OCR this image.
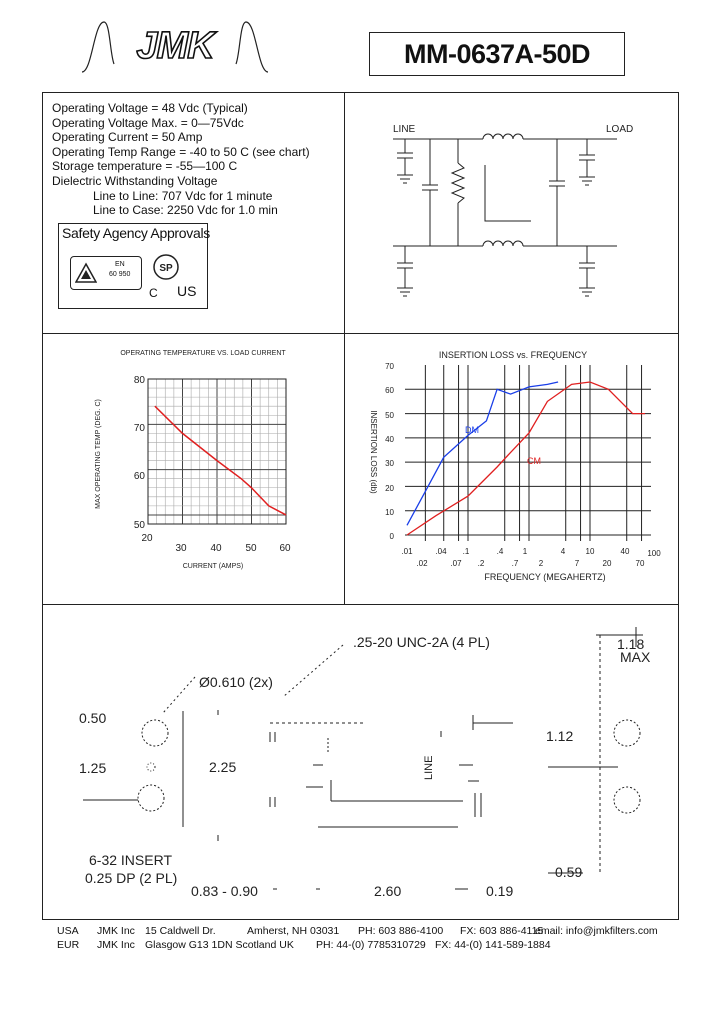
JMK	MM-0637A-50D
Operating Voltage = 48 Vdc (Typical)
Operating Voltage Max. = 0—75Vdc
Operating Current = 50 Amp
Operating Temp Range = -40 to 50 C (see chart)
Storage temperature = -55—100 C
Dielectric Withstanding Voltage
Line to Line: 707 Vdc for 1 minute
Line to Case: 2250 Vdc for 1.0 min
Safety Agency Approvals
EN
60 950
SP
C US
LINE	LOAD
OPERATING TEMPERATURE VS. LOAD CURRENT
20
30 40 50 60
80
70
60
50
CURRENT (AMPS)
MAX OPERATING TEMP (DEG. C)
INSERTION LOSS vs. FREQUENCY
DM
CM
70
60
50
40
30
20
10
0
.01	.04 .1	.4 1	4	10	40 100
.02	.07 .2	.7	2	7	20	70
FREQUENCY (MEGAHERTZ)
INSERTION LOSS (db)
.25-20 UNC-2A (4 PL)
Ø0.610 (2x)
0.50
1.25	2.25
1.12
1.18
MAX
LINE
6-32 INSERT
0.25 DP (2 PL)
0.83 - 0.90	2.60	0.19
0.59
USA JMK Inc 15 Caldwell Dr.	Amherst, NH 03031 PH: 603 886-4100 FX: 603 886-4115
email: info@jmkfilters.com
EUR JMK Inc Glasgow G13 1DN Scotland UK PH: 44-(0) 7785310729 FX: 44-(0) 141-589-1884
